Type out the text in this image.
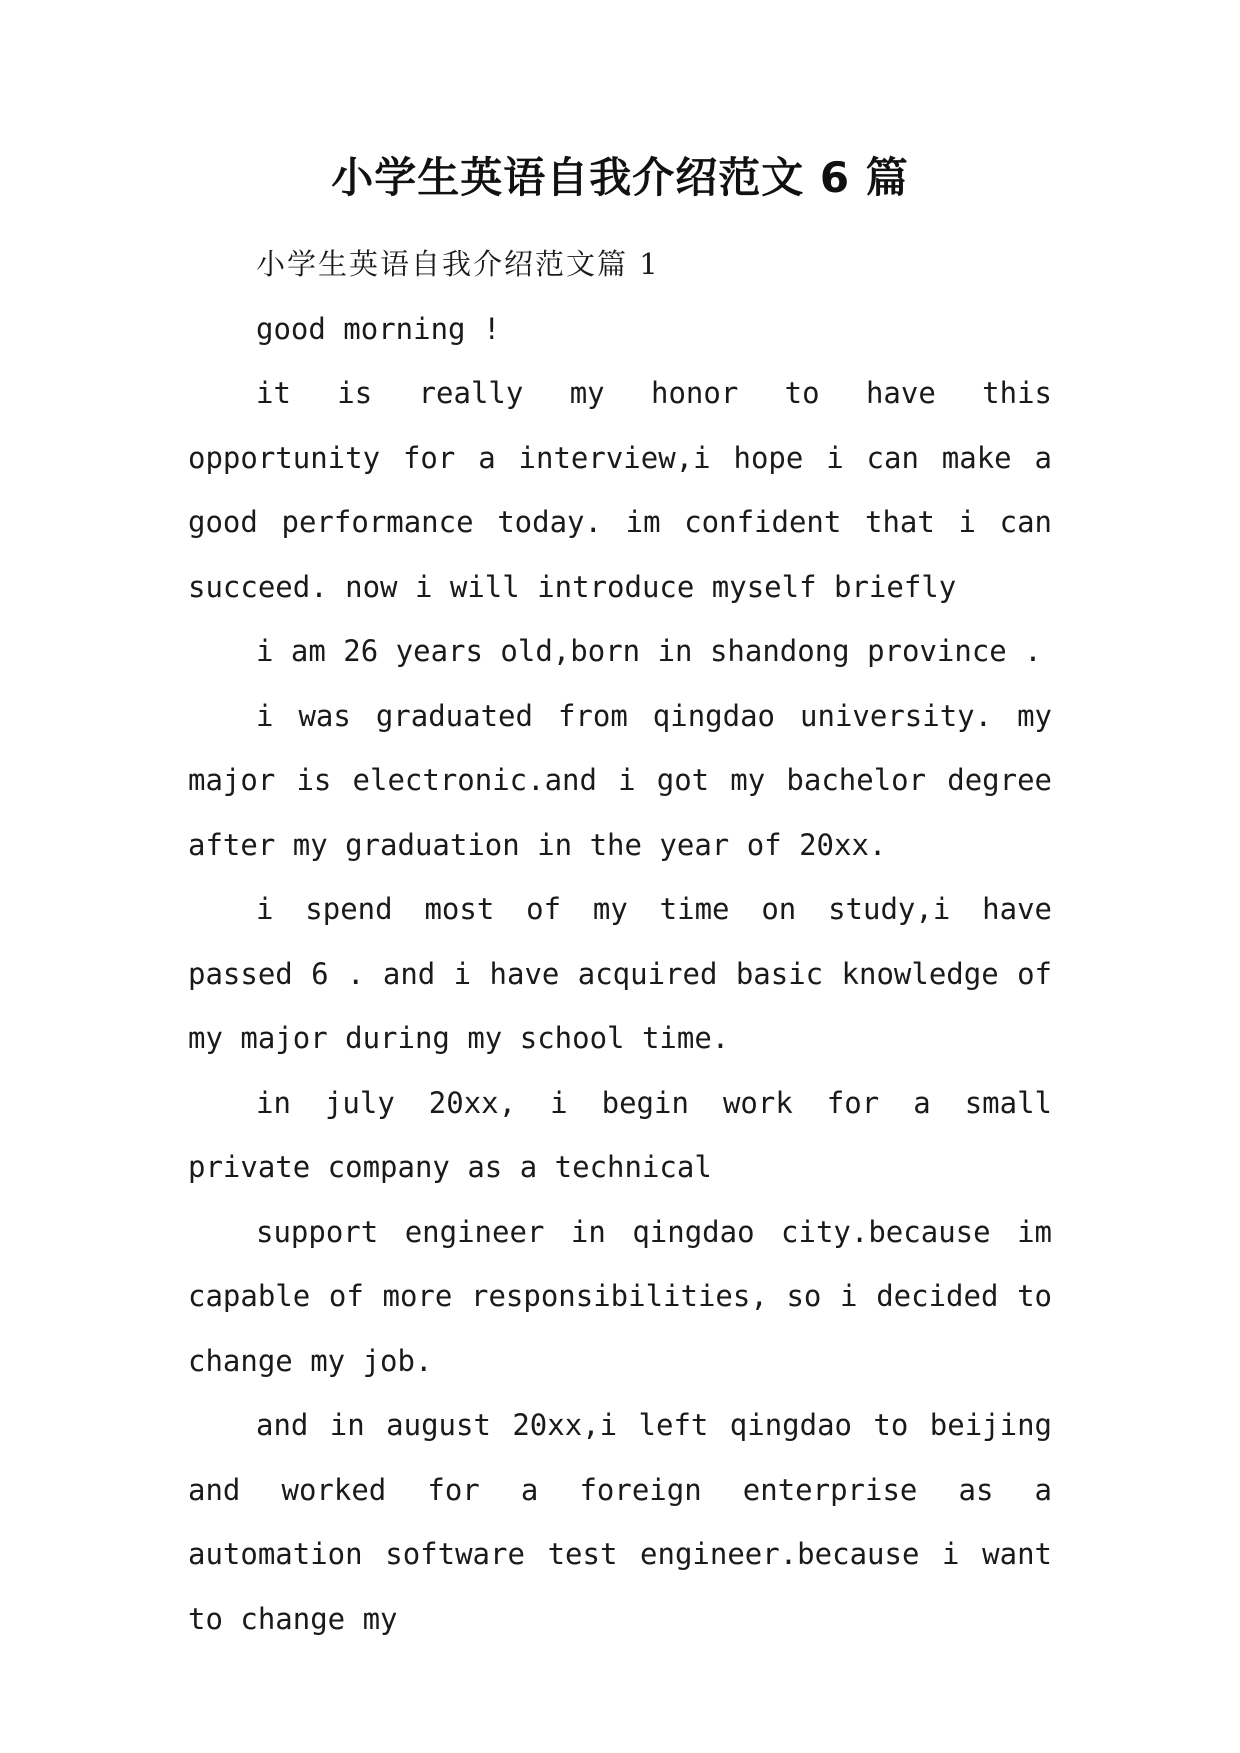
小学生英语自我介绍范文 6 篇

小学生英语自我介绍范文篇 1

good morning !

it is really my honor to have this opportunity for a interview,i hope i can make a good performance today. im confident that i can succeed. now i will introduce myself briefly

i am 26 years old,born in shandong province .

i was graduated from qingdao university. my major is electronic.and i got my bachelor degree after my graduation in the year of 20xx.

i spend most of my time on study,i have passed 6 . and i have acquired basic knowledge of my major during my school time.

in july 20xx, i begin work for a small private company as a technical

support engineer in qingdao city.because im capable of more responsibilities, so i decided to change my job.

and in august 20xx,i left qingdao to beijing and worked for a foreign enterprise as a automation software test engineer.because i want to change my
